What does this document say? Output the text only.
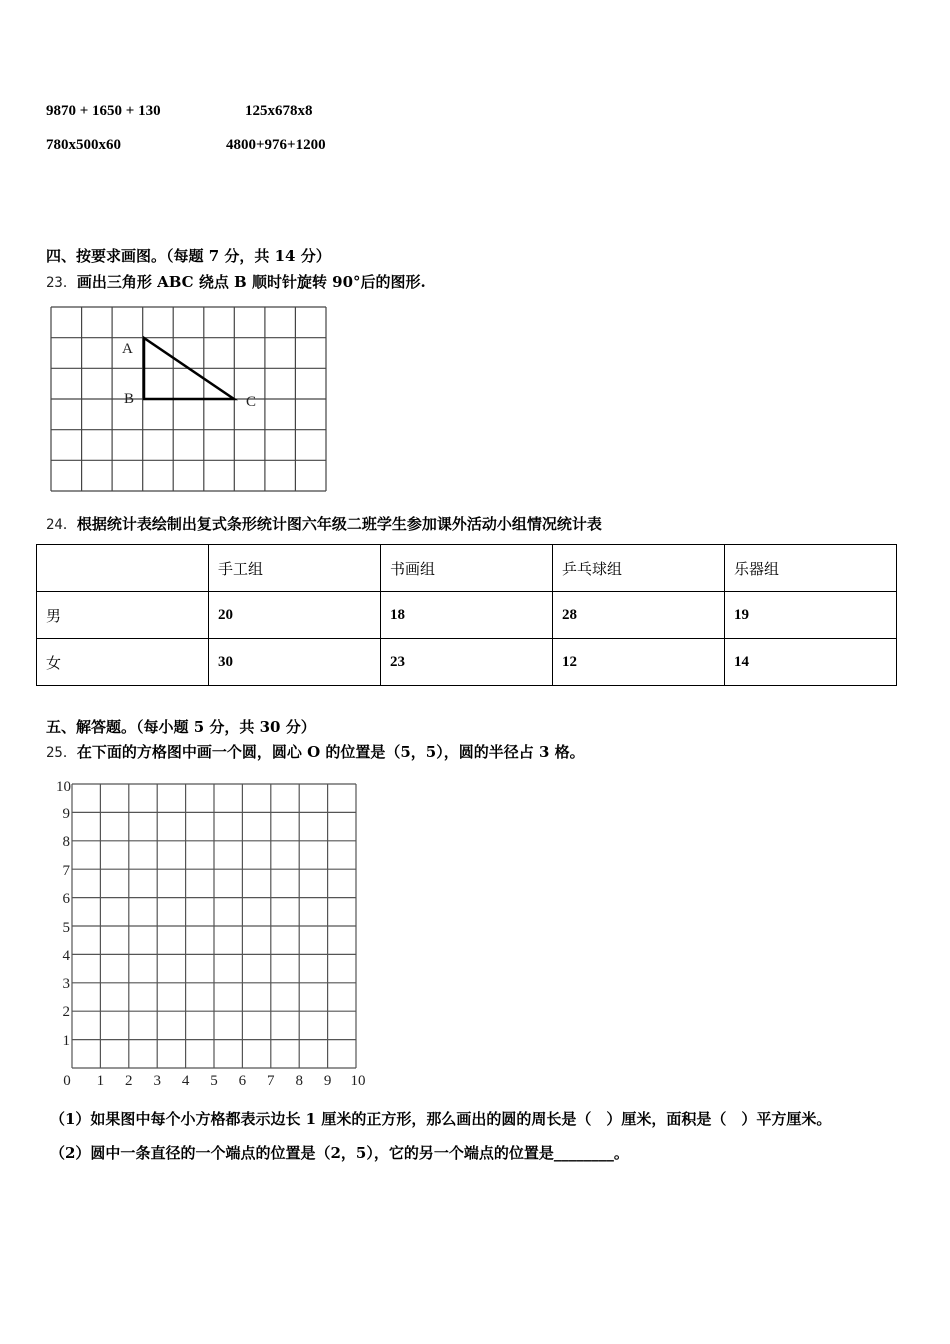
9870 + 1650 + 130	125x678x8
780x500x60	4800+976+1200
四、按要求画图。（每题 7 分，共 14 分）
23．画出三角形 ABC 绕点 B 顺时针旋转 90°后的图形.
A
B	C
24．根据统计表绘制出复式条形统计图六年级二班学生参加课外活动小组情况统计表
	手工组	书画组	乒乓球组	乐器组
男	20	18	28	19
女	30	23	12	14
五、解答题。（每小题 5 分，共 30 分）
25．在下面的方格图中画一个圆，圆心 O 的位置是（5，5），圆的半径占 3 格。
1
2
3
4
5
6
7
8
9
10
0 1 2 3 4 5 6 7 8 9 10
（1）如果图中每个小方格都表示边长 1 厘米的正方形，那么画出的圆的周长是（　）厘米，面积是（　）平方厘米。
（2）圆中一条直径的一个端点的位置是（2，5），它的另一个端点的位置是________。
